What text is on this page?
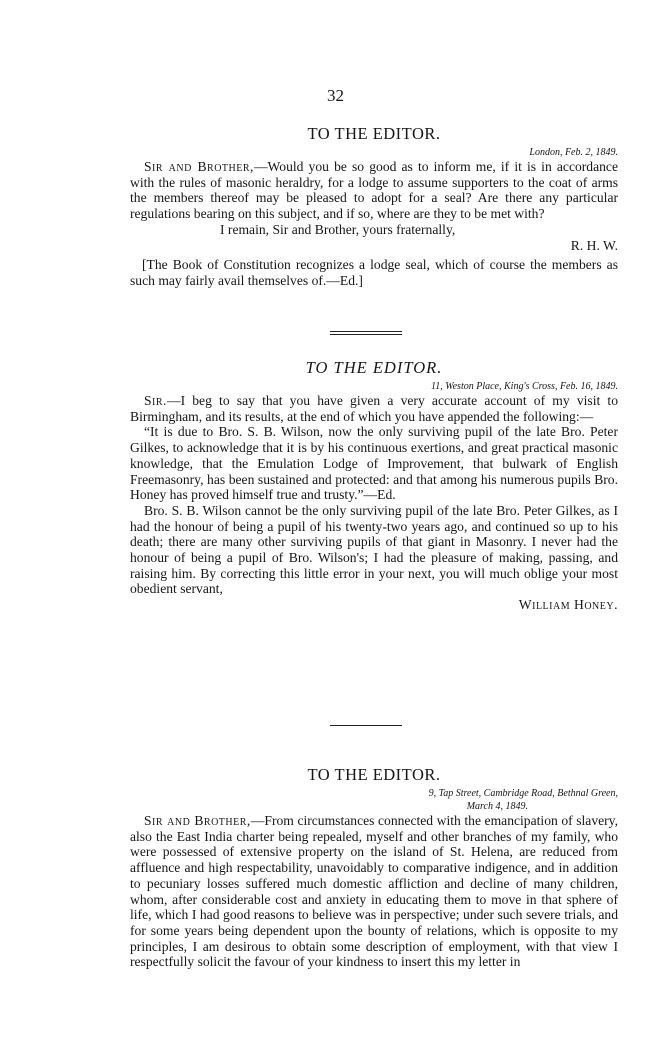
32
TO THE EDITOR.
London, Feb. 2, 1849.

Sir and Brother,—Would you be so good as to inform me, if it is in accordance with the rules of masonic heraldry, for a lodge to assume supporters to the coat of arms the members thereof may be pleased to adopt for a seal? Are there any particular regulations bearing on this subject, and if so, where are they to be met with?

I remain, Sir and Brother, yours fraternally,
R. H. W.

[The Book of Constitution recognizes a lodge seal, which of course the members as such may fairly avail themselves of.—Ed.]

TO THE EDITOR.
11, Weston Place, King's Cross, Feb. 16, 1849.

Sir.—I beg to say that you have given a very accurate account of my visit to Birmingham, and its results, at the end of which you have appended the following:—

“It is due to Bro. S. B. Wilson, now the only surviving pupil of the late Bro. Peter Gilkes, to acknowledge that it is by his continuous exertions, and great practical masonic knowledge, that the Emulation Lodge of Improvement, that bulwark of English Freemasonry, has been sustained and protected: and that among his numerous pupils Bro. Honey has proved himself true and trusty.”—Ed.

Bro. S. B. Wilson cannot be the only surviving pupil of the late Bro. Peter Gilkes, as I had the honour of being a pupil of his twenty-two years ago, and continued so up to his death; there are many other surviving pupils of that giant in Masonry. I never had the honour of being a pupil of Bro. Wilson's; I had the pleasure of making, passing, and raising him. By correcting this little error in your next, you will much oblige your most obedient servant,

William Honey.
TO THE EDITOR.
9, Tap Street, Cambridge Road, Bethnal Green,
March 4, 1849.

Sir and Brother,—From circumstances connected with the emancipation of slavery, also the East India charter being repealed, myself and other branches of my family, who were possessed of extensive property on the island of St. Helena, are reduced from affluence and high respectability, unavoidably to comparative indigence, and in addition to pecuniary losses suffered much domestic affliction and decline of many children, whom, after considerable cost and anxiety in educating them to move in that sphere of life, which I had good reasons to believe was in perspective; under such severe trials, and for some years being dependent upon the bounty of relations, which is opposite to my principles, I am desirous to obtain some description of employment, with that view I respectfully solicit the favour of your kindness to insert this my letter in
